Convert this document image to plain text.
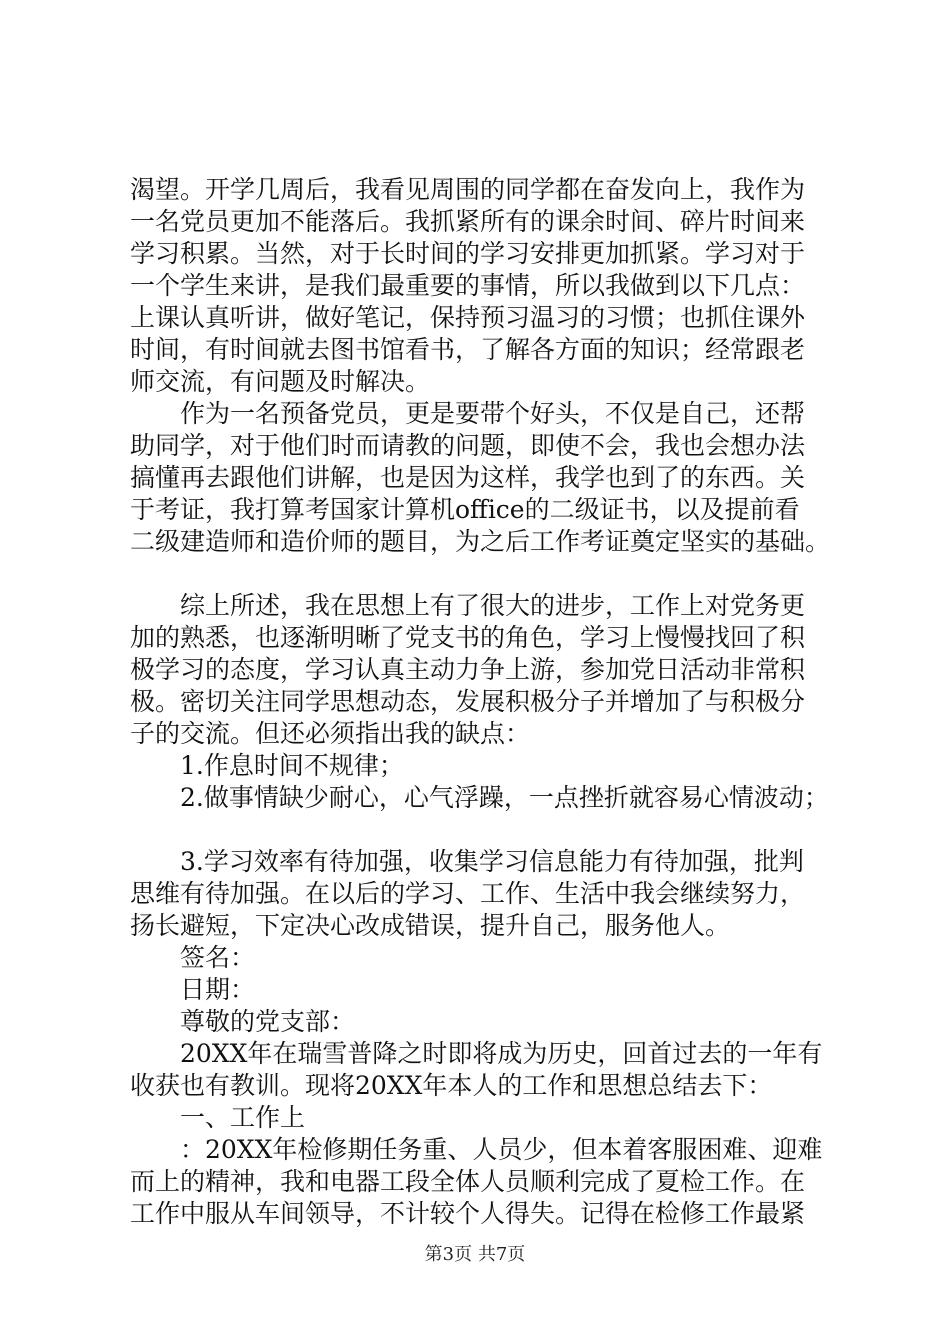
渴望。开学几周后，我看见周围的同学都在奋发向上，我作为
一名党员更加不能落后。我抓紧所有的课余时间、碎片时间来
学习积累。当然，对于长时间的学习安排更加抓紧。学习对于
一个学生来讲，是我们最重要的事情，所以我做到以下几点：
上课认真听讲，做好笔记，保持预习温习的习惯；也抓住课外
时间，有时间就去图书馆看书，了解各方面的知识；经常跟老
师交流，有问题及时解决。
作为一名预备党员，更是要带个好头，不仅是自己，还帮
助同学，对于他们时而请教的问题，即使不会，我也会想办法
搞懂再去跟他们讲解，也是因为这样，我学也到了的东西。关
于考证，我打算考国家计算机office的二级证书，以及提前看
二级建造师和造价师的题目，为之后工作考证奠定坚实的基础。
综上所述，我在思想上有了很大的进步，工作上对党务更
加的熟悉，也逐渐明晰了党支书的角色，学习上慢慢找回了积
极学习的态度，学习认真主动力争上游，参加党日活动非常积
极。密切关注同学思想动态，发展积极分子并增加了与积极分
子的交流。但还必须指出我的缺点：
1.作息时间不规律；
2.做事情缺少耐心，心气浮躁，一点挫折就容易心情波动；
3.学习效率有待加强，收集学习信息能力有待加强，批判
思维有待加强。在以后的学习、工作、生活中我会继续努力，
扬长避短，下定决心改成错误，提升自己，服务他人。
签名：
日期：
尊敬的党支部：
20XX年在瑞雪普降之时即将成为历史，回首过去的一年有
收获也有教训。现将20XX年本人的工作和思想总结去下：
一、工作上
：20XX年检修期任务重、人员少，但本着客服困难、迎难
而上的精神，我和电器工段全体人员顺利完成了夏检工作。在
工作中服从车间领导，不计较个人得失。记得在检修工作最紧
第3页 共7页
